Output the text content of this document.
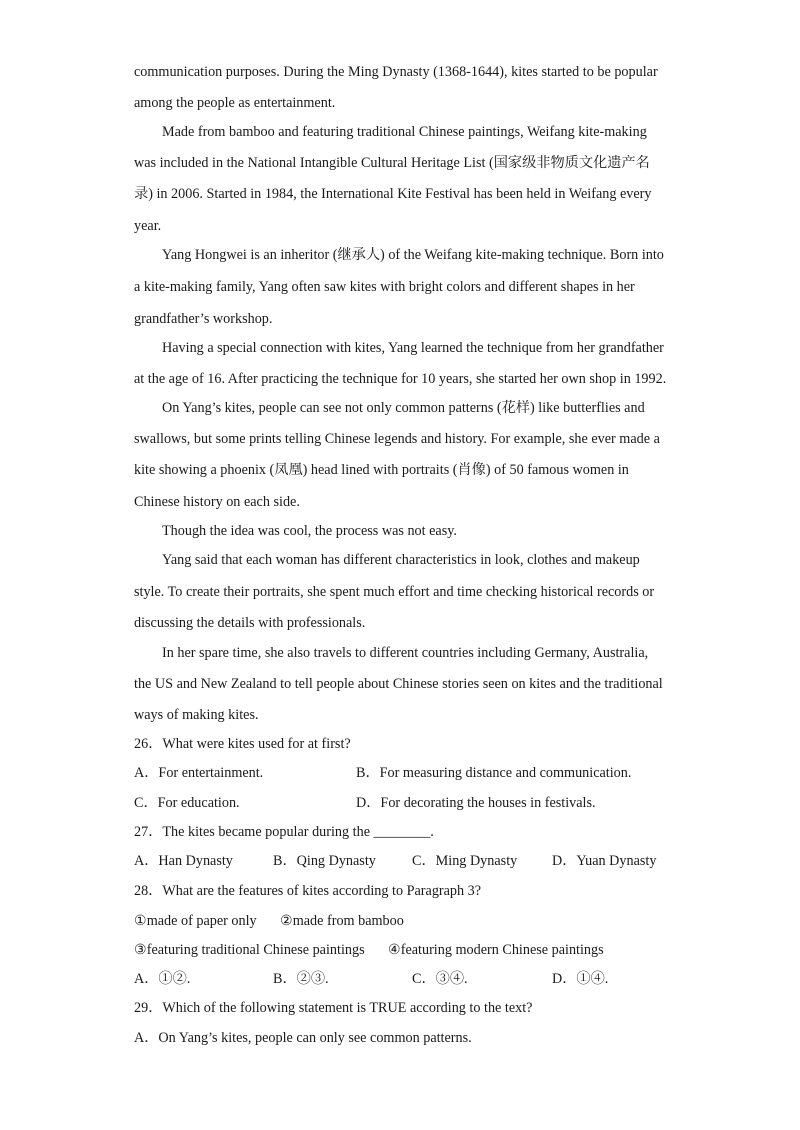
communication purposes. During the Ming Dynasty (1368-1644), kites started to be popular
among the people as entertainment.
Made from bamboo and featuring traditional Chinese paintings, Weifang kite-making
was included in the National Intangible Cultural Heritage List (国家级非物质文化遗产名
录) in 2006. Started in 1984, the International Kite Festival has been held in Weifang every
year.
Yang Hongwei is an inheritor (继承人) of the Weifang kite-making technique. Born into
a kite-making family, Yang often saw kites with bright colors and different shapes in her
grandfather’s workshop.
Having a special connection with kites, Yang learned the technique from her grandfather
at the age of 16. After practicing the technique for 10 years, she started her own shop in 1992.
On Yang’s kites, people can see not only common patterns (花样) like butterflies and
swallows, but some prints telling Chinese legends and history. For example, she ever made a
kite showing a phoenix (凤凰) head lined with portraits (肖像) of 50 famous women in
Chinese history on each side.
Though the idea was cool, the process was not easy.
Yang said that each woman has different characteristics in look, clothes and makeup
style. To create their portraits, she spent much effort and time checking historical records or
discussing the details with professionals.
In her spare time, she also travels to different countries including Germany, Australia,
the US and New Zealand to tell people about Chinese stories seen on kites and the traditional
ways of making kites.
26．What were kites used for at first?
A．For entertainment.	B．For measuring distance and communication.
C．For education.	D．For decorating the houses in festivals.
27．The kites became popular during the ________.
A．Han Dynasty	B．Qing Dynasty	C．Ming Dynasty D．Yuan Dynasty
28．What are the features of kites according to Paragraph 3?
①made of paper only ②made from bamboo
③featuring traditional Chinese paintings ④featuring modern Chinese paintings
A．①②.	B．②③.	C．③④.	D．①④.
29．Which of the following statement is TRUE according to the text?
A．On Yang’s kites, people can only see common patterns.
